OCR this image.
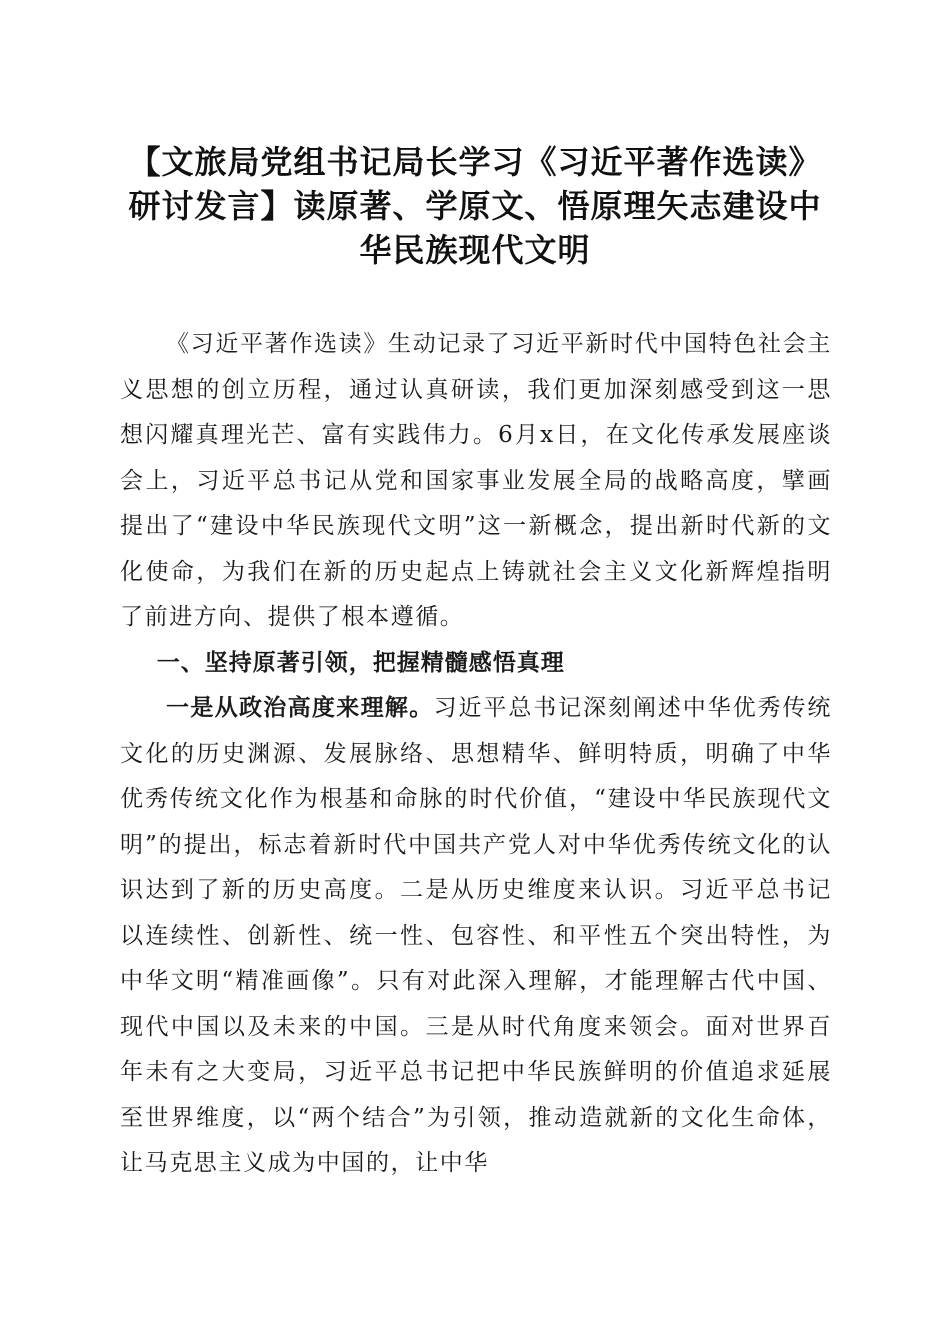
【文旅局党组书记局长学习《习近平著作选读》研讨发言】读原著、学原文、悟原理矢志建设中华民族现代文明

《习近平著作选读》生动记录了习近平新时代中国特色社会主义思想的创立历程，通过认真研读，我们更加深刻感受到这一思想闪耀真理光芒、富有实践伟力。6月x日，在文化传承发展座谈会上，习近平总书记从党和国家事业发展全局的战略高度，擘画提出了“建设中华民族现代文明”这一新概念，提出新时代新的文化使命，为我们在新的历史起点上铸就社会主义文化新辉煌指明了前进方向、提供了根本遵循。

一、坚持原著引领，把握精髓感悟真理

一是从政治高度来理解。习近平总书记深刻阐述中华优秀传统文化的历史渊源、发展脉络、思想精华、鲜明特质，明确了中华优秀传统文化作为根基和命脉的时代价值，“建设中华民族现代文明”的提出，标志着新时代中国共产党人对中华优秀传统文化的认识达到了新的历史高度。二是从历史维度来认识。习近平总书记以连续性、创新性、统一性、包容性、和平性五个突出特性，为中华文明“精准画像”。只有对此深入理解，才能理解古代中国、现代中国以及未来的中国。三是从时代角度来领会。面对世界百年未有之大变局，习近平总书记把中华民族鲜明的价值追求延展至世界维度，以“两个结合”为引领，推动造就新的文化生命体，让马克思主义成为中国的，让中华
